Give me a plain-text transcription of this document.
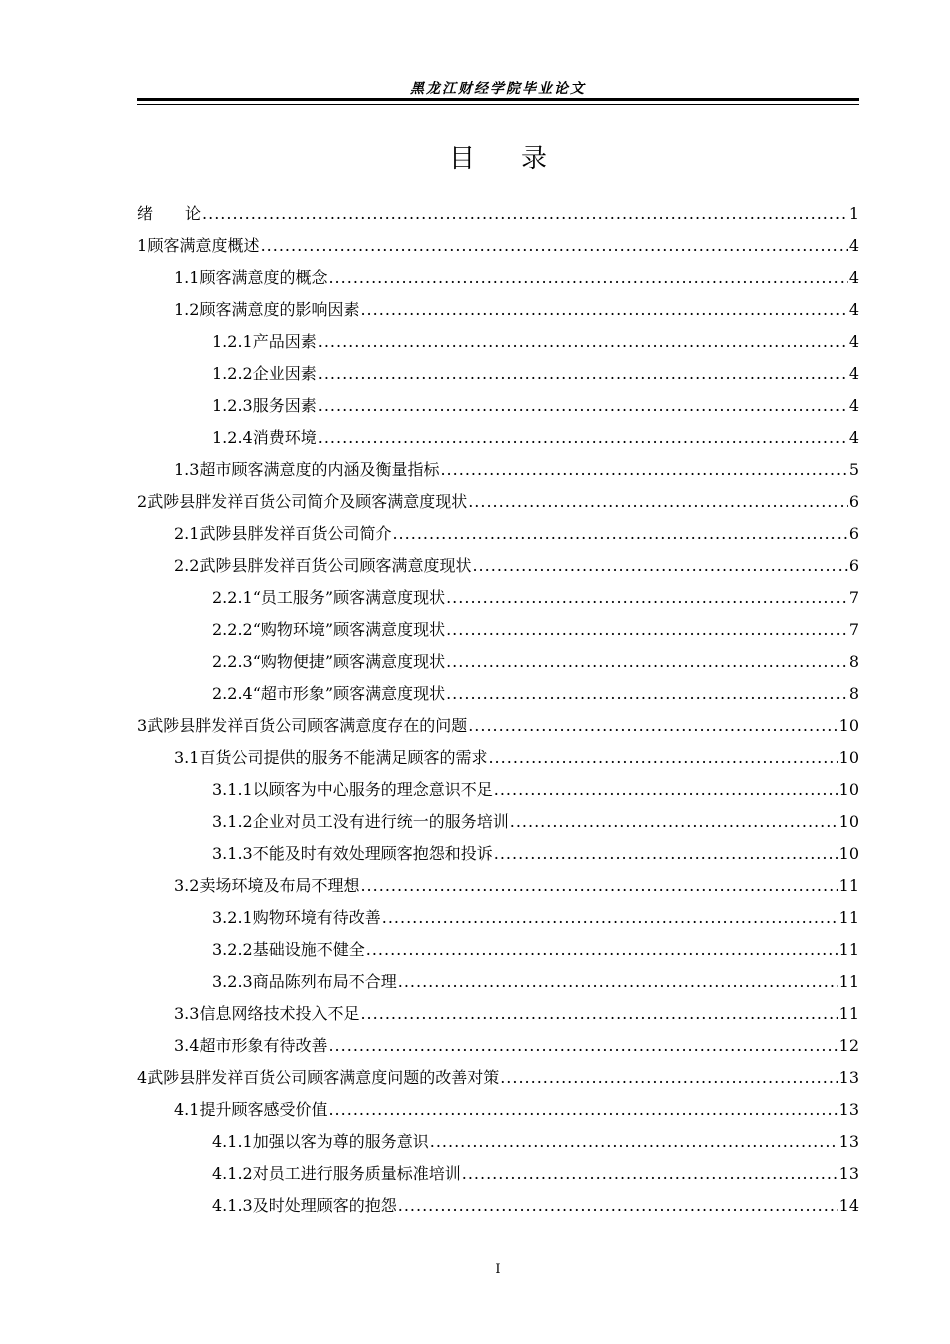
黑龙江财经学院毕业论文
目 录
绪　　论 .....	1
1 顾客满意度概述 .....	4
1.1 顾客满意度的概念 .....	4
1.2 顾客满意度的影响因素 .....	4
1.2.1 产品因素 .....	4
1.2.2 企业因素 .....	4
1.2.3 服务因素 .....	4
1.2.4 消费环境 .....	4
1.3 超市顾客满意度的内涵及衡量指标 .....	5
2 武陟县胖发祥百货公司简介及顾客满意度现状 .....	6
2.1 武陟县胖发祥百货公司简介 .....	6
2.2 武陟县胖发祥百货公司顾客满意度现状 .....	6
2.2.1 “员工服务”顾客满意度现状 .....	7
2.2.2 “购物环境”顾客满意度现状 .....	7
2.2.3 “购物便捷”顾客满意度现状 .....	8
2.2.4 “超市形象”顾客满意度现状 .....	8
3 武陟县胖发祥百货公司顾客满意度存在的问题 .....	10
3.1 百货公司提供的服务不能满足顾客的需求 .....	10
3.1.1 以顾客为中心服务的理念意识不足 .....	10
3.1.2 企业对员工没有进行统一的服务培训 .....	10
3.1.3 不能及时有效处理顾客抱怨和投诉 .....	10
3.2 卖场环境及布局不理想 .....	11
3.2.1 购物环境有待改善 .....	11
3.2.2 基础设施不健全 .....	11
3.2.3 商品陈列布局不合理 .....	11
3.3 信息网络技术投入不足 .....	11
3.4 超市形象有待改善 .....	12
4 武陟县胖发祥百货公司顾客满意度问题的改善对策 .....	13
4.1 提升顾客感受价值 .....	13
4.1.1 加强以客为尊的服务意识 .....	13
4.1.2 对员工进行服务质量标准培训 .....	13
4.1.3 及时处理顾客的抱怨 .....	14
I
